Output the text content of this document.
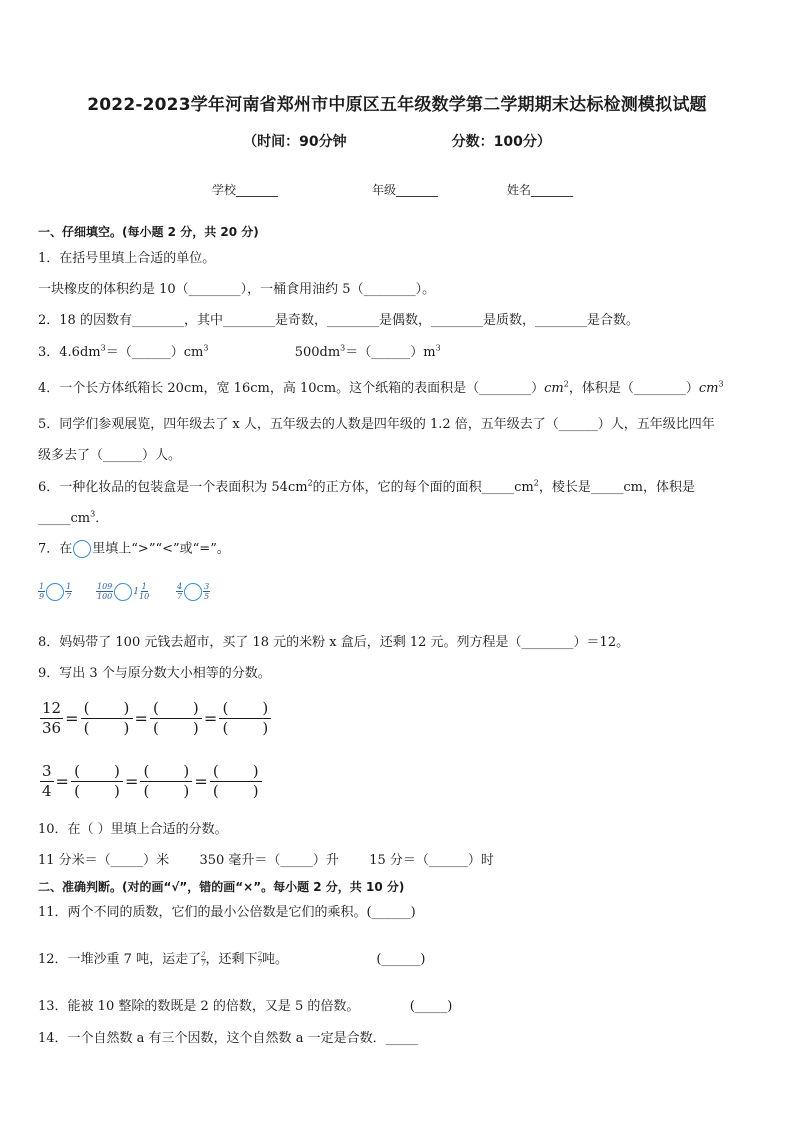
2022-2023学年河南省郑州市中原区五年级数学第二学期期末达标检测模拟试题
（时间：90分钟	分数：100分）
学校_______	年级_______	姓名_______
一、仔细填空。(每小题 2 分，共 20 分)
1．在括号里填上合适的单位。
一块橡皮的体积约是 10（________），一桶食用油约 5（________）。
2．18 的因数有________，其中________是奇数，________是偶数，________是质数，________是合数。
3．$4.6dm^3=(\_\_\_\_\_\_)cm^3$	$500dm^3=(\_\_\_\_\_\_)m^3$
4．一个长方体纸箱长 20cm，宽 16cm，高 10cm。这个纸箱的表面积是$(\_\_\_\_\_\_\_\_)cm^2$，体积是$(\_\_\_\_\_\_\_\_)cm^3$
5．同学们参观展览，四年级去了 x 人，五年级去的人数是四年级的 1.2 倍，五年级去了（______）人，五年级比四年
级多去了（______）人。
6．一种化妆品的包装盒是一个表面积为 $54cm^2$的正方体，它的每个面的面积$\_\_\_\_\_cm^2$，棱长是_____cm，体积是
$\_\_\_\_\_cm^3$．
7．在 里填上“>”“<”或“=”。
$\frac{1}{9}$	$\frac{1}{7}$	$\frac{109}{100} 1 \frac{1}{10}$	$\frac{4}{7}$	$\frac{3}{5}$
8．妈妈带了 100 元钱去超市，买了 18 元的米粉 x 盒后，还剩 12 元。列方程是（________）＝12。
9．写出 3 个与原分数大小相等的分数。
$\frac{12}{36}$ = (  )
(  )	= (  )
(  )	=
(  )
(  )
$\frac{3}{4}$ = (  )
(  )	= (  )
(  )	=
(  )
(  )
10．在（ ）里填上合适的分数。
11 分米＝（_____）米 350 毫升＝（_____）升 15 分＝（______）时
二、准确判断。(对的画“√”，错的画“×”。每小题 2 分，共 10 分)
11．两个不同的质数，它们的最小公倍数是它们的乘积。(______)
12．一堆沙重 7 吨，运走了 $\frac{2}{7}$ ，还剩下 $\frac{2}{7}$ 吨。	(______)
13．能被 10 整除的数既是 2 的倍数，又是 5 的倍数。	(_____)
14．一个自然数 a 有三个因数，这个自然数 a 一定是合数．_____
